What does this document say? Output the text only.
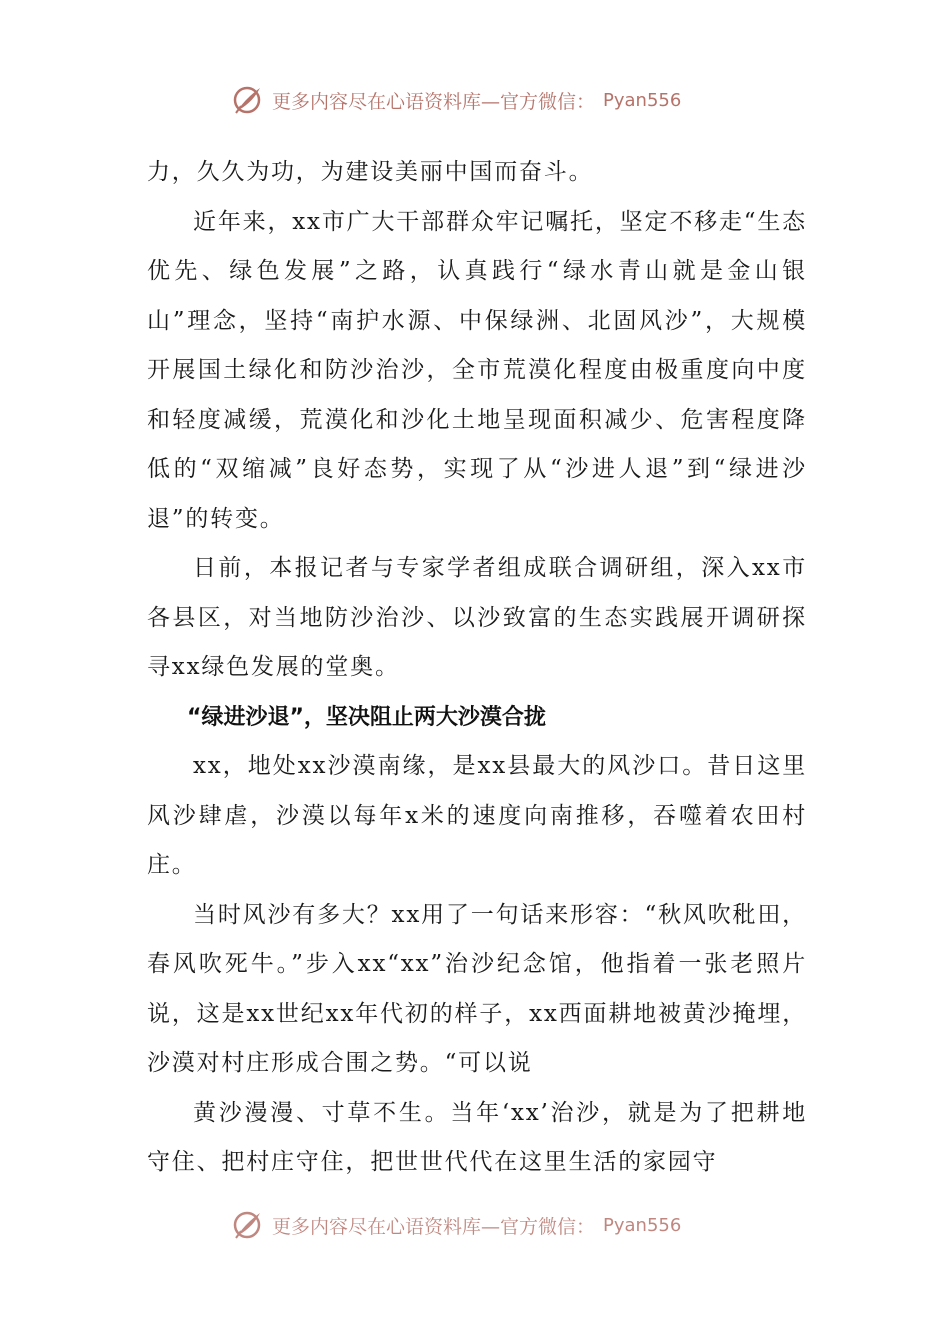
更多内容尽在心语资料库—官方微信： Pyan556

力，久久为功，为建设美丽中国而奋斗。

近年来，xx市广大干部群众牢记嘱托，坚定不移走“生态优先、绿色发展”之路，认真践行“绿水青山就是金山银山”理念，坚持“南护水源、中保绿洲、北固风沙”，大规模开展国土绿化和防沙治沙，全市荒漠化程度由极重度向中度和轻度减缓，荒漠化和沙化土地呈现面积减少、危害程度降低的“双缩减”良好态势，实现了从“沙进人退”到“绿进沙退”的转变。

日前，本报记者与专家学者组成联合调研组，深入xx市各县区，对当地防沙治沙、以沙致富的生态实践展开调研探寻xx绿色发展的堂奥。

“绿进沙退”，坚决阻止两大沙漠合拢

xx，地处xx沙漠南缘，是xx县最大的风沙口。昔日这里风沙肆虐，沙漠以每年x米的速度向南推移，吞噬着农田村庄。

当时风沙有多大？xx用了一句话来形容：“秋风吹秕田，春风吹死牛。”步入xx“xx”治沙纪念馆，他指着一张老照片说，这是xx世纪xx年代初的样子，xx西面耕地被黄沙掩埋，沙漠对村庄形成合围之势。“可以说

黄沙漫漫、寸草不生。当年‘xx’治沙，就是为了把耕地守住、把村庄守住，把世世代代在这里生活的家园守

更多内容尽在心语资料库—官方微信： Pyan556
